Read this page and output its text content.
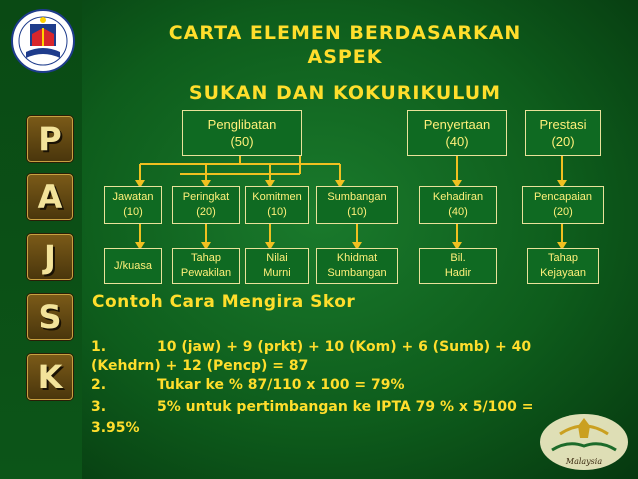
P
A
J
S
K
CARTA ELEMEN BERDASARKAN
ASPEK
SUKAN DAN KOKURIKULUM
Penglibatan
(50)
Penyertaan
(40)
Prestasi
(20)
Jawatan
(10)
Peringkat
(20)
Komitmen
(10)
Sumbangan
(10)
Kehadiran
(40)
Pencapaian
(20)
J/kuasa
Tahap
Pewakilan
Nilai
Murni
Khidmat
Sumbangan
Bil.
Hadir
Tahap
Kejayaan
Contoh Cara Mengira Skor
1.	10 (jaw) + 9 (prkt) + 10 (Kom) + 6 (Sumb) + 40
(Kehdrn) + 12 (Pencp) = 87
2.	Tukar ke % 87/110 x 100 = 79%
3.	5% untuk pertimbangan ke IPTA 79 % x 5/100 =
3.95%
Malaysia
